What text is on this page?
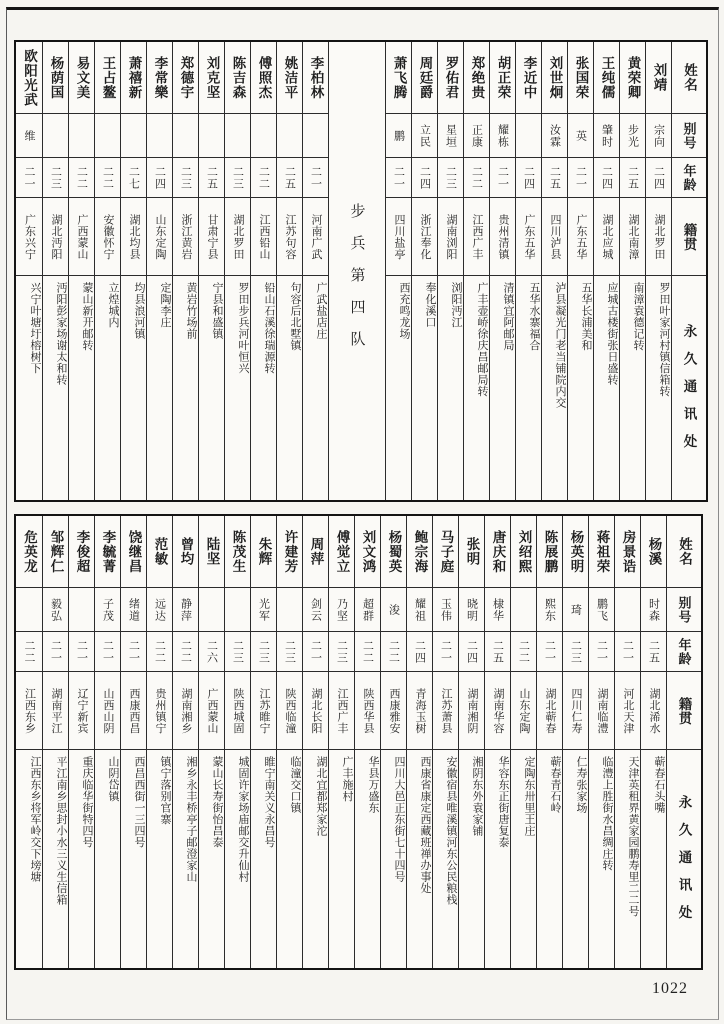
姓名
别号
年龄
籍贯
永久通讯处
刘靖
宗向
二四
湖北罗田
罗田叶家河村镇信箱转
黄荣卿
步光
二五
湖北南漳
南漳袁德记转
王纯儒
肇时
二四
湖北应城
应城古楼街张日盛转
张国荣
英
二一
广东五华
五华长浦美和
刘世炯
汝霖
二五
四川泸县
泸县凝光门老当铺院内交
李近中
二四
广东五华
五华水寨福合
胡正荣
耀栋
二一
贵州清镇
清镇宜阿邮局
郑绝贵
正康
二二
江西广丰
广丰壶峤徐庆昌邮局转
罗佑君
星垣
二三
湖南浏阳
浏阳沔江
周廷爵
立民
二四
浙江奉化
奉化溪口
萧飞腾
鹏
二一
四川盐亭
西充鸣龙场
步兵第四队
李柏林
二一
河南广武
广武盐店庄
姚洁平
二五
江苏句容
句容后北墅镇
傅照杰
二二
江西铅山
铅山石溪徐瑞源转
陈吉森
二三
湖北罗田
罗田步兵河叶恒兴
刘克坚
二五
甘肃宁县
宁县和盛镇
郑德宇
二三
浙江黄岩
黄岩竹场前
李常樂
二四
山东定陶
定陶李庄
萧禧新
二七
湖北均县
均县浪河镇
王占鳌
二二
安徽怀宁
立煌城内
易文美
二二
广西蒙山
蒙山新开邮转
杨荫国
二三
湖北沔阳
沔阳彭家场谢太和转
欧阳光武
维
二一
广东兴宁
兴宁叶塘圩榕树下
姓名
别号
年龄
籍贯
永久通讯处
杨溪
时森
二五
湖北浠水
蕲春石头嘴
房景诰
二一
河北天津
天津英租界黄家园鹏寿里二二号
蒋祖荣
鹏飞
二一
湖南临澧
临澧上胜街水昌绸庄转
杨英明
琦
二三
四川仁寿
仁寿张家场
陈展鹏
熙东
二一
湖北蕲春
蕲春青石岭
刘绍熙
二二
山东定陶
定陶东卅里王庄
唐庆和
棣华
二五
湖南华容
华容东正街唐复泰
张明
晓明
二四
湖南湘阴
湘阴东外袁家铺
马子庭
玉伟
二一
江苏萧县
安徽宿县唯溪镇河东公民粮栈
鲍宗海
耀祖
二四
青海玉树
西康省康定西藏班禅办事处
杨蜀英
浚
二二
西康雅安
四川大邑正东街七十四号
刘文鸿
超群
二二
陕西华县
华县万盛东
傅觉立
乃坚
二三
江西广丰
广丰施村
周萍
剑云
二一
湖北长阳
湖北宜都郑家沱
许建芳
二三
陕西临潼
临潼交口镇
朱辉
光军
二三
江苏睢宁
睢宁南关义永昌号
陈茂生
二三
陕西城固
城固许家场庙邮交升仙村
陆坚
二六
广西蒙山
蒙山长寿街怡昌泰
曾均
静萍
二二
湖南湘乡
湘乡永丰桥亭子邮澄家山
范敏
远达
二二
贵州镇宁
镇宁落别官寨
饶继昌
绪道
二一
西康西昌
西昌西街一三四号
李毓菁
子茂
二一
山西山阴
山阴岱镇
李俊超
二一
辽宁新宾
重庆临华街特四号
邹辉仁
毅弘
二一
湖南平江
平江南乡思封小水三义生信箱
危英龙
二二
江西东乡
江西东乡将军岭交下塝塘
1022
